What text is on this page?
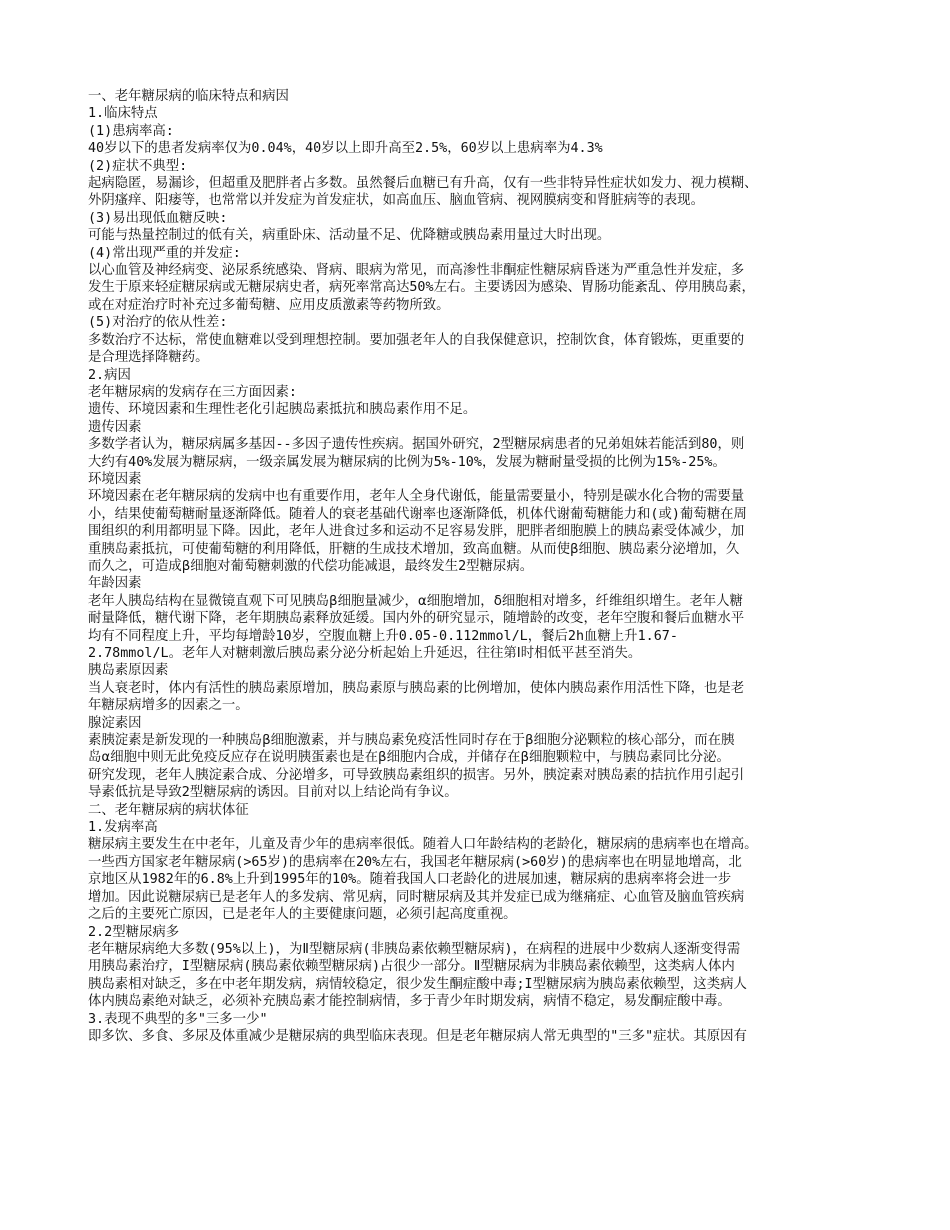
一、老年糖尿病的临床特点和病因

1.临床特点

(1)患病率高:

40岁以下的患者发病率仅为0.04%，40岁以上即升高至2.5%，60岁以上患病率为4.3%

(2)症状不典型:

起病隐匿，易漏诊，但超重及肥胖者占多数。虽然餐后血糖已有升高，仅有一些非特异性症状如发力、视力模糊、

外阴瘙痒、阳痿等，也常常以并发症为首发症状，如高血压、脑血管病、视网膜病变和肾脏病等的表现。

(3)易出现低血糖反映:

可能与热量控制过的低有关，病重卧床、活动量不足、优降糖或胰岛素用量过大时出现。

(4)常出现严重的并发症:

以心血管及神经病变、泌尿系统感染、肾病、眼病为常见，而高渗性非酮症性糖尿病昏迷为严重急性并发症，多

发生于原来轻症糖尿病或无糖尿病史者，病死率常高达50%左右。主要诱因为感染、胃肠功能紊乱、停用胰岛素，

或在对症治疗时补充过多葡萄糖、应用皮质激素等药物所致。

(5)对治疗的依从性差:

多数治疗不达标，常使血糖难以受到理想控制。要加强老年人的自我保健意识，控制饮食，体育锻炼，更重要的

是合理选择降糖药。

2.病因

老年糖尿病的发病存在三方面因素:

遗传、环境因素和生理性老化引起胰岛素抵抗和胰岛素作用不足。

遗传因素

多数学者认为，糖尿病属多基因--多因子遗传性疾病。据国外研究，2型糖尿病患者的兄弟姐妹若能活到80，则

大约有40%发展为糖尿病，一级亲属发展为糖尿病的比例为5%-10%，发展为糖耐量受损的比例为15%-25%。

环境因素

环境因素在老年糖尿病的发病中也有重要作用，老年人全身代谢低，能量需要量小，特别是碳水化合物的需要量

小，结果使葡萄糖耐量逐渐降低。随着人的衰老基础代谢率也逐渐降低，机体代谢葡萄糖能力和(或)葡萄糖在周

围组织的利用都明显下降。因此，老年人进食过多和运动不足容易发胖，肥胖者细胞膜上的胰岛素受体减少，加

重胰岛素抵抗，可使葡萄糖的利用降低，肝糖的生成技术增加，致高血糖。从而使β细胞、胰岛素分泌增加，久

而久之，可造成β细胞对葡萄糖刺激的代偿功能减退，最终发生2型糖尿病。

年龄因素

老年人胰岛结构在显微镜直观下可见胰岛β细胞量减少，α细胞增加，δ细胞相对增多，纤维组织增生。老年人糖

耐量降低，糖代谢下降，老年期胰岛素释放延缓。国内外的研究显示，随增龄的改变，老年空腹和餐后血糖水平

均有不同程度上升，平均每增龄10岁，空腹血糖上升0.05-0.112mmol/L，餐后2h血糖上升1.67-

2.78mmol/L。老年人对糖刺激后胰岛素分泌分析起始上升延迟，往往第Ⅰ时相低平甚至消失。

胰岛素原因素

当人衰老时，体内有活性的胰岛素原增加，胰岛素原与胰岛素的比例增加，使体内胰岛素作用活性下降，也是老

年糖尿病增多的因素之一。

腺淀素因

素胰淀素是新发现的一种胰岛β细胞激素，并与胰岛素免疫活性同时存在于β细胞分泌颗粒的核心部分，而在胰

岛α细胞中则无此免疫反应存在说明胰蛋素也是在β细胞内合成，并储存在β细胞颗粒中，与胰岛素同比分泌。

研究发现，老年人胰淀素合成、分泌增多，可导致胰岛素组织的损害。另外，胰淀素对胰岛素的拮抗作用引起引

导素低抗是导致2型糖尿病的诱因。目前对以上结论尚有争议。

二、老年糖尿病的病状体征

1.发病率高

糖尿病主要发生在中老年，儿童及青少年的患病率很低。随着人口年龄结构的老龄化，糖尿病的患病率也在增高。

一些西方国家老年糖尿病(>65岁)的患病率在20%左右，我国老年糖尿病(>60岁)的患病率也在明显地增高，北

京地区从1982年的6.8%上升到1995年的10%。随着我国人口老龄化的进展加速，糖尿病的患病率将会进一步

增加。因此说糖尿病已是老年人的多发病、常见病，同时糖尿病及其并发症已成为继痛症、心血管及脑血管疾病

之后的主要死亡原因，已是老年人的主要健康问题，必须引起高度重视。

2.2型糖尿病多

老年糖尿病绝大多数(95%以上)，为Ⅱ型糖尿病(非胰岛素依赖型糖尿病)，在病程的进展中少数病人逐渐变得需

用胰岛素治疗，I型糖尿病(胰岛素依赖型糖尿病)占很少一部分。Ⅱ型糖尿病为非胰岛素依赖型，这类病人体内

胰岛素相对缺乏，多在中老年期发病，病情较稳定，很少发生酮症酸中毒;I型糖尿病为胰岛素依赖型，这类病人

体内胰岛素绝对缺乏，必须补充胰岛素才能控制病情，多于青少年时期发病，病情不稳定，易发酮症酸中毒。

3.表现不典型的多"三多一少"

即多饮、多食、多尿及体重减少是糖尿病的典型临床表现。但是老年糖尿病人常无典型的"三多"症状。其原因有
